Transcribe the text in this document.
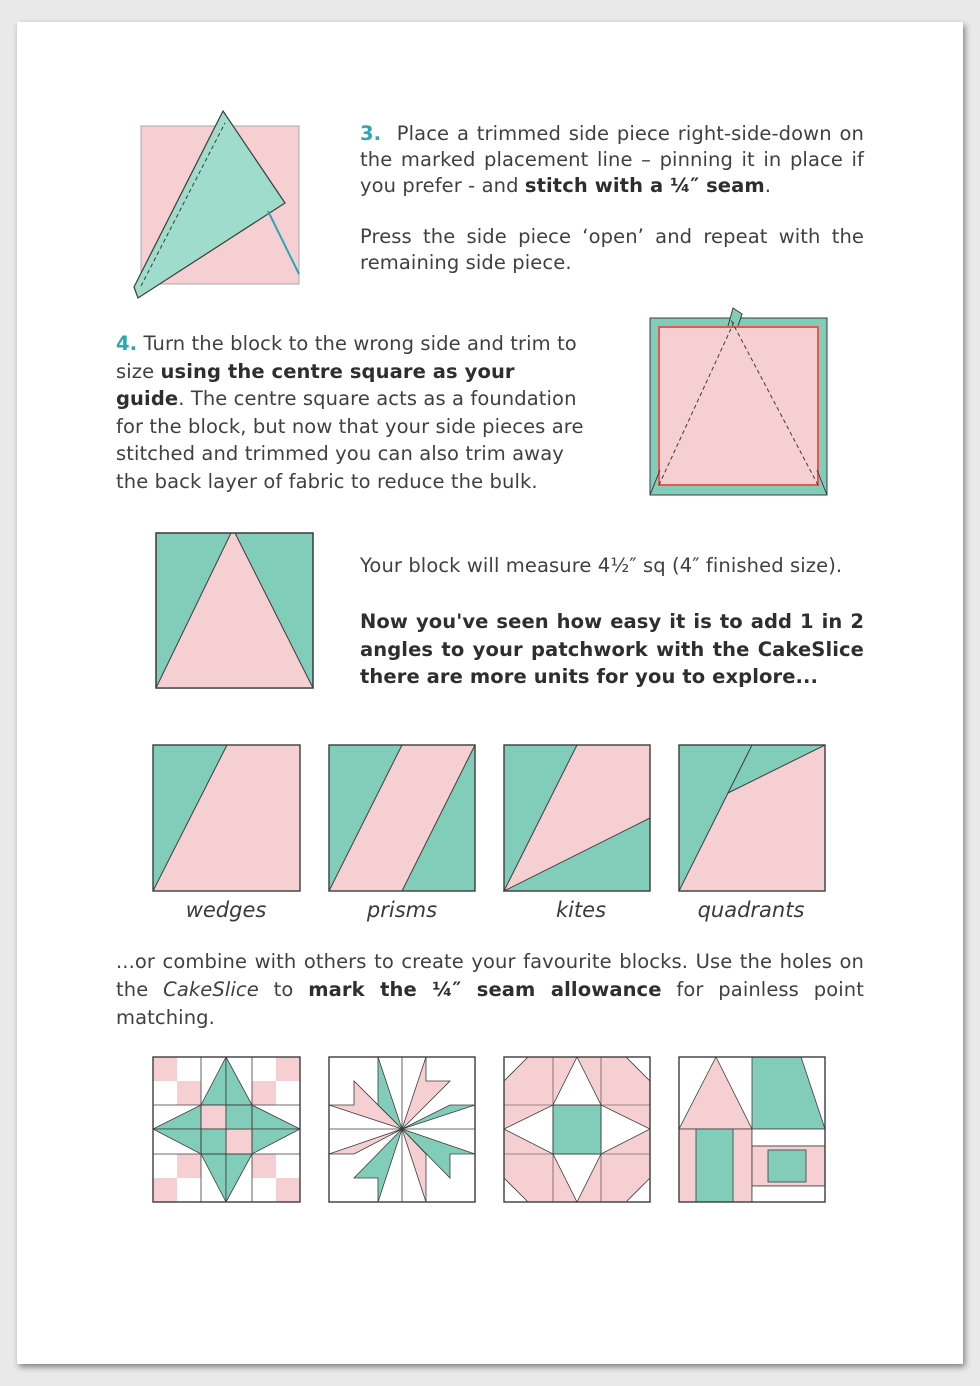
3. Place a trimmed side piece right-side-down on the marked placement line – pinning it in place if you prefer - and stitch with a ¼″ seam.
Press the side piece ‘open’ and repeat with the remaining side piece.
4. Turn the block to the wrong side and trim to size using the centre square as your guide. The centre square acts as a foundation for the block, but now that your side pieces are stitched and trimmed you can also trim away the back layer of fabric to reduce the bulk.
Your block will measure 4½″ sq (4″ finished size).
Now you've seen how easy it is to add 1 in 2 angles to your patchwork with the CakeSlice there are more units for you to explore...
wedges	prisms	kites	quadrants
...or combine with others to create your favourite blocks. Use the holes on the CakeSlice to mark the ¼″ seam allowance for painless point matching.
